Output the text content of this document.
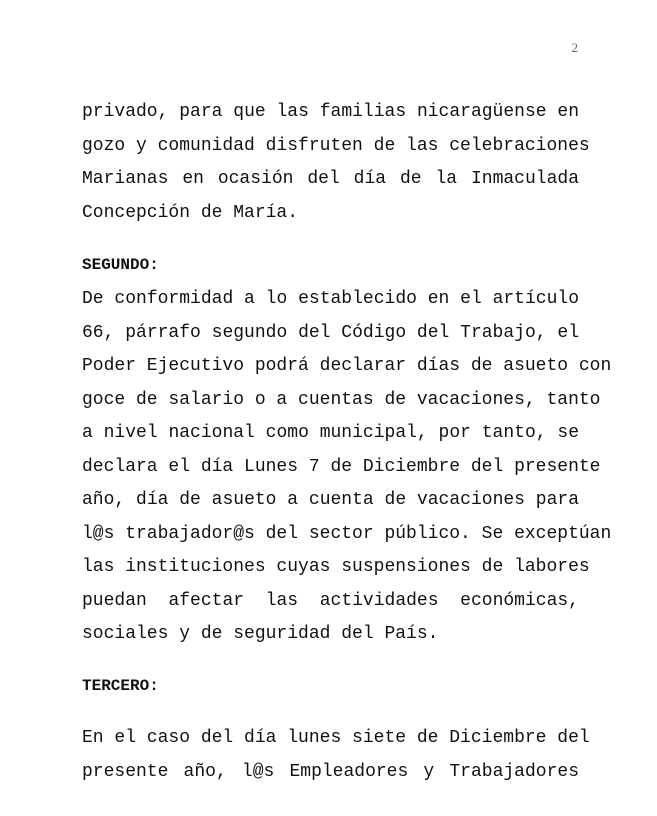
2
privado, para que las familias nicaragüense en
gozo y comunidad disfruten de las celebraciones
Marianas en ocasión del día de la Inmaculada
Concepción de María.
SEGUNDO:
De conformidad a lo establecido en el artículo
66, párrafo segundo del Código del Trabajo, el
Poder Ejecutivo podrá declarar días de asueto con
goce de salario o a cuentas de vacaciones, tanto
a nivel nacional como municipal, por tanto, se
declara el día Lunes 7 de Diciembre del presente
año, día de asueto a cuenta de vacaciones para
l@s trabajador@s del sector público. Se exceptúan
las instituciones cuyas suspensiones de labores
puedan afectar las actividades económicas,
sociales y de seguridad del País.
TERCERO:
En el caso del día lunes siete de Diciembre del
presente año, l@s Empleadores y Trabajadores
